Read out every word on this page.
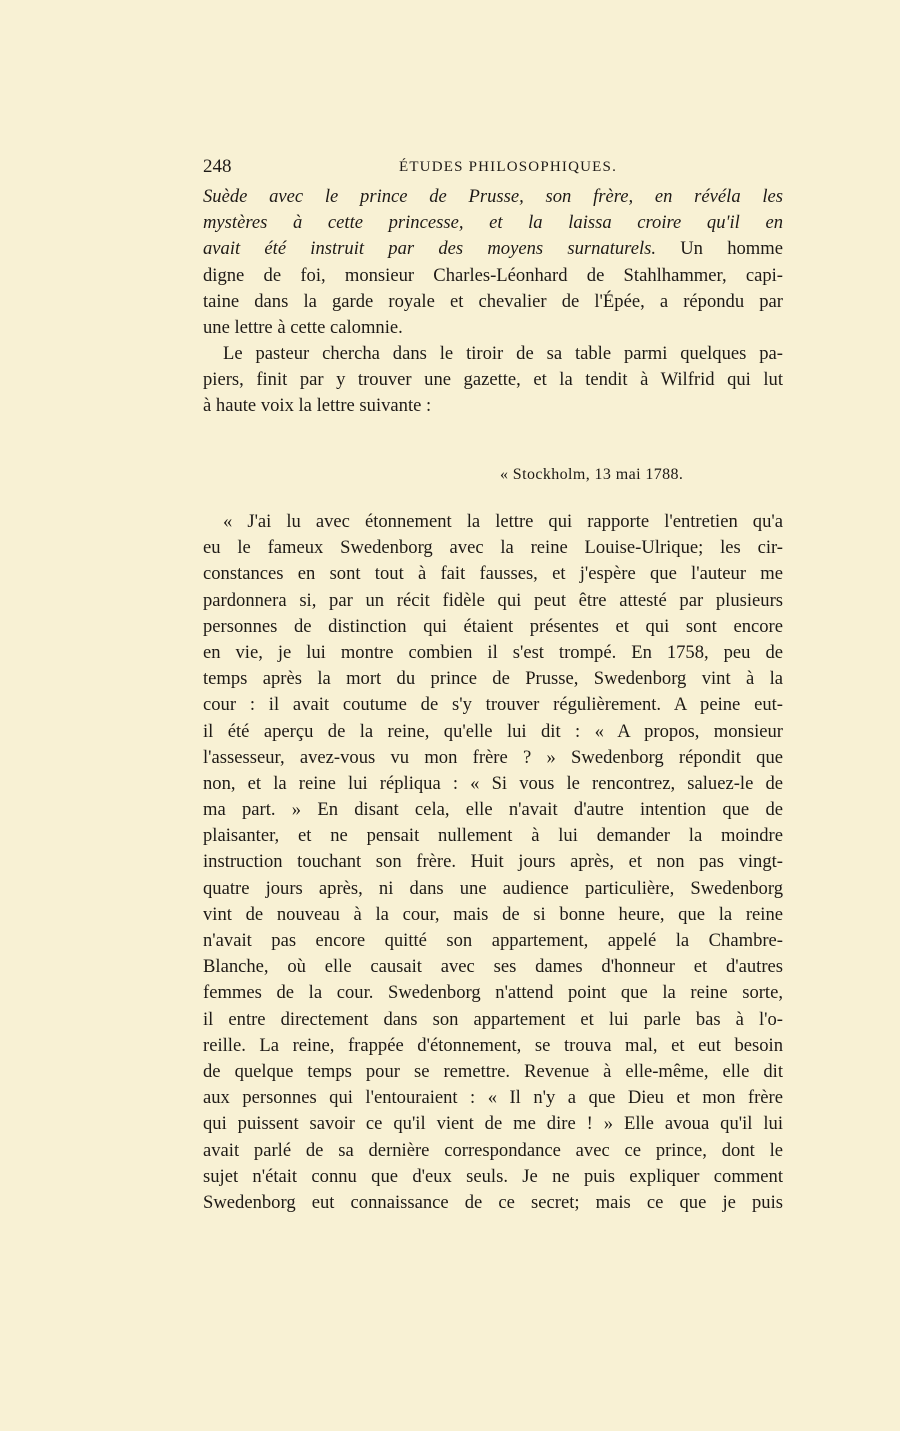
248	ÉTUDES PHILOSOPHIQUES.
Suède avec le prince de Prusse, son frère, en révéla les
mystères à cette princesse, et la laissa croire qu'il en
avait été instruit par des moyens surnaturels. Un homme
digne de foi, monsieur Charles-Léonhard de Stahlhammer, capi-
taine dans la garde royale et chevalier de l'Épée, a répondu par
une lettre à cette calomnie.
Le pasteur chercha dans le tiroir de sa table parmi quelques pa-
piers, finit par y trouver une gazette, et la tendit à Wilfrid qui lut
à haute voix la lettre suivante :
« Stockholm, 13 mai 1788.
« J'ai lu avec étonnement la lettre qui rapporte l'entretien qu'a
eu le fameux Swedenborg avec la reine Louise-Ulrique; les cir-
constances en sont tout à fait fausses, et j'espère que l'auteur me
pardonnera si, par un récit fidèle qui peut être attesté par plusieurs
personnes de distinction qui étaient présentes et qui sont encore
en vie, je lui montre combien il s'est trompé. En 1758, peu de
temps après la mort du prince de Prusse, Swedenborg vint à la
cour : il avait coutume de s'y trouver régulièrement. A peine eut-
il été aperçu de la reine, qu'elle lui dit : « A propos, monsieur
l'assesseur, avez-vous vu mon frère ? » Swedenborg répondit que
non, et la reine lui répliqua : « Si vous le rencontrez, saluez-le de
ma part. » En disant cela, elle n'avait d'autre intention que de
plaisanter, et ne pensait nullement à lui demander la moindre
instruction touchant son frère. Huit jours après, et non pas vingt-
quatre jours après, ni dans une audience particulière, Swedenborg
vint de nouveau à la cour, mais de si bonne heure, que la reine
n'avait pas encore quitté son appartement, appelé la Chambre-
Blanche, où elle causait avec ses dames d'honneur et d'autres
femmes de la cour. Swedenborg n'attend point que la reine sorte,
il entre directement dans son appartement et lui parle bas à l'o-
reille. La reine, frappée d'étonnement, se trouva mal, et eut besoin
de quelque temps pour se remettre. Revenue à elle-même, elle dit
aux personnes qui l'entouraient : « Il n'y a que Dieu et mon frère
qui puissent savoir ce qu'il vient de me dire ! » Elle avoua qu'il lui
avait parlé de sa dernière correspondance avec ce prince, dont le
sujet n'était connu que d'eux seuls. Je ne puis expliquer comment
Swedenborg eut connaissance de ce secret; mais ce que je puis
